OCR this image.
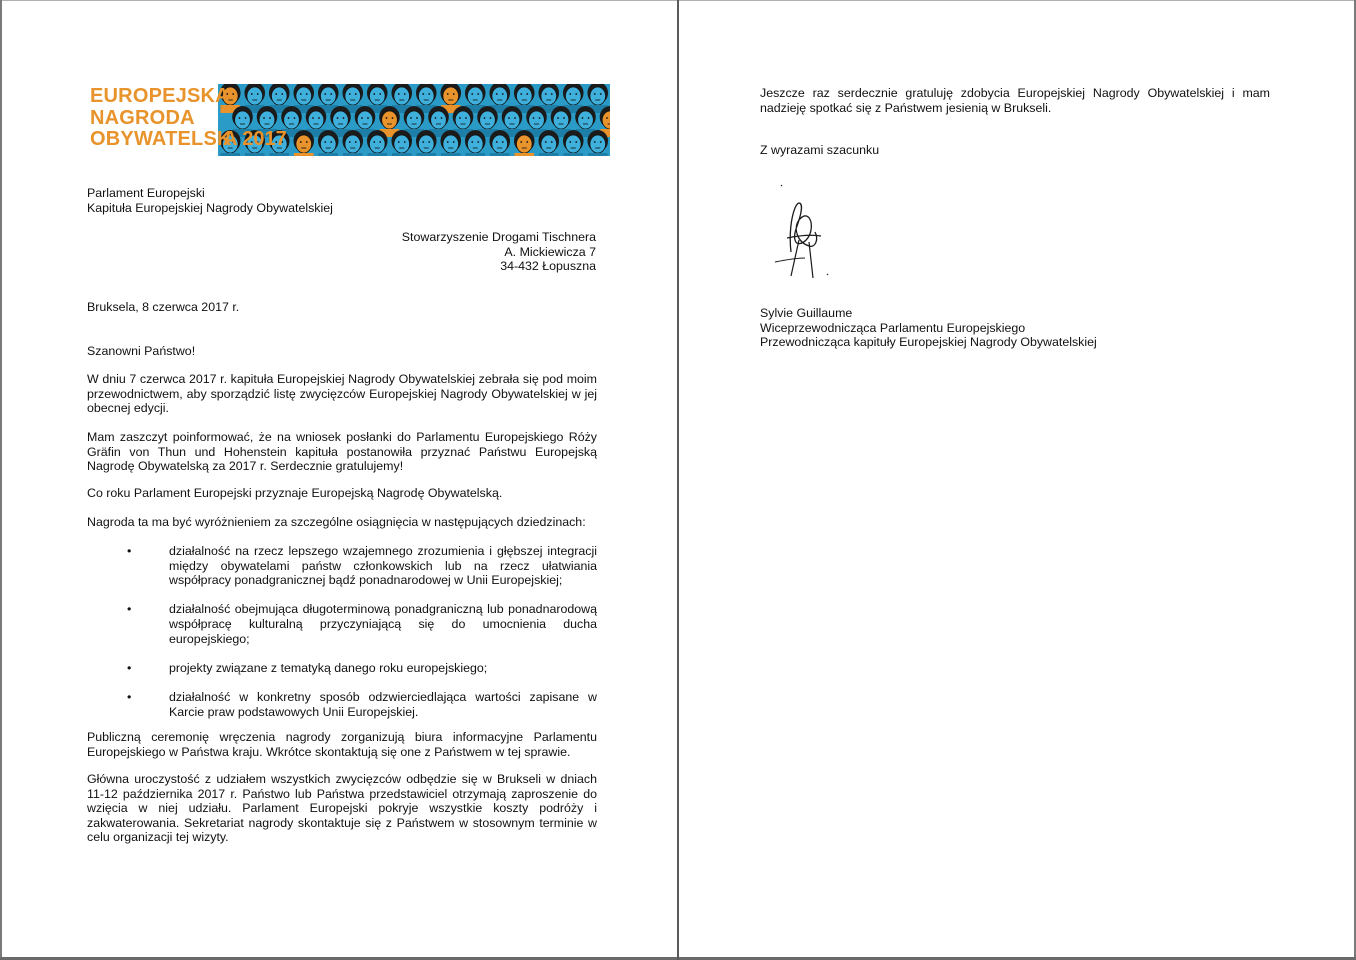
EUROPEJSKA
NAGRODA
OBYWATELSK
A 2017
Parlament Europejski
Kapituła Europejskiej Nagrody Obywatelskiej
Stowarzyszenie Drogami Tischnera
A. Mickiewicza 7
34-432 Łopuszna
Bruksela, 8 czerwca 2017 r.
Szanowni Państwo!

W dniu 7 czerwca 2017 r. kapituła Europejskiej Nagrody Obywatelskiej zebrała się pod moim przewodnictwem, aby sporządzić listę zwycięzców Europejskiej Nagrody Obywatelskiej w jej obecnej edycji.

Mam zaszczyt poinformować, że na wniosek posłanki do Parlamentu Europejskiego Róży Gräfin von Thun und Hohenstein kapituła postanowiła przyznać Państwu Europejską Nagrodę Obywatelską za 2017 r. Serdecznie gratulujemy!

Co roku Parlament Europejski przyznaje Europejską Nagrodę Obywatelską.

Nagroda ta ma być wyróżnieniem za szczególne osiągnięcia w następujących dziedzinach:

• działalność na rzecz lepszego wzajemnego zrozumienia i głębszej integracji między obywatelami państw członkowskich lub na rzecz ułatwiania współpracy ponadgranicznej bądź ponadnarodowej w Unii Europejskiej;
• działalność obejmująca długoterminową ponadgraniczną lub ponadnarodową współpracę kulturalną przyczyniającą się do umocnienia ducha europejskiego;
• projekty związane z tematyką danego roku europejskiego;
• działalność w konkretny sposób odzwierciedlająca wartości zapisane w Karcie praw podstawowych Unii Europejskiej.

Publiczną ceremonię wręczenia nagrody zorganizują biura informacyjne Parlamentu Europejskiego w Państwa kraju. Wkrótce skontaktują się one z Państwem w tej sprawie.

Główna uroczystość z udziałem wszystkich zwycięzców odbędzie się w Brukseli w dniach 11-12 października 2017 r. Państwo lub Państwa przedstawiciel otrzymają zaproszenie do wzięcia w niej udziału. Parlament Europejski pokryje wszystkie koszty podróży i zakwaterowania. Sekretariat nagrody skontaktuje się z Państwem w stosownym terminie w celu organizacji tej wizyty.

Jeszcze raz serdecznie gratuluję zdobycia Europejskiej Nagrody Obywatelskiej i mam nadzieję spotkać się z Państwem jesienią w Brukseli.

Z wyrazami szacunku
Sylvie Guillaume
Wiceprzewodnicząca Parlamentu Europejskiego
Przewodnicząca kapituły Europejskiej Nagrody Obywatelskiej
